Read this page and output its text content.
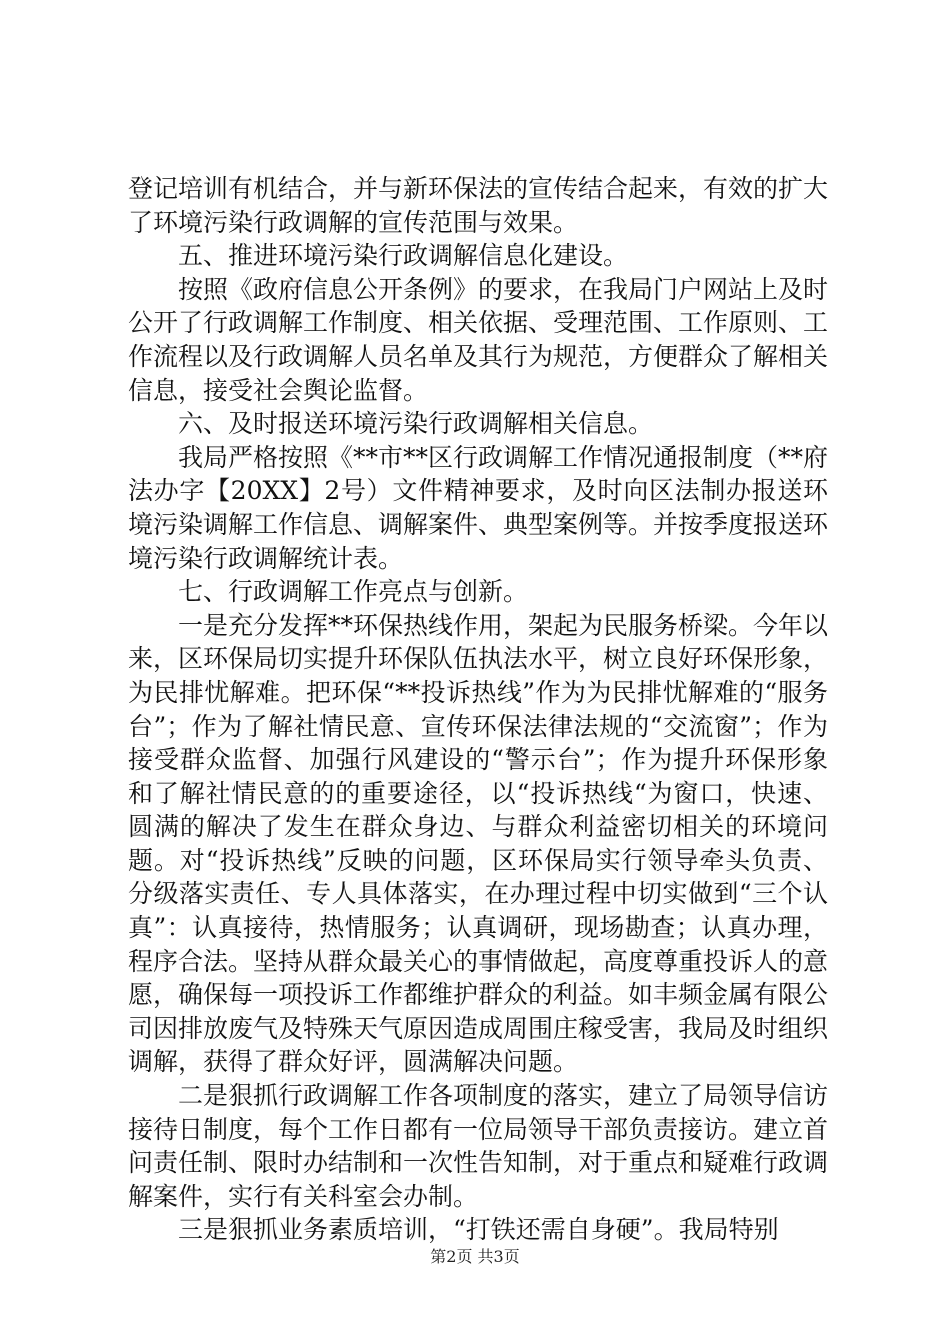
登记培训有机结合，并与新环保法的宣传结合起来，有效的扩大了环境污染行政调解的宣传范围与效果。

五、推进环境污染行政调解信息化建设。

按照《政府信息公开条例》的要求，在我局门户网站上及时公开了行政调解工作制度、相关依据、受理范围、工作原则、工作流程以及行政调解人员名单及其行为规范，方便群众了解相关信息，接受社会舆论监督。

六、及时报送环境污染行政调解相关信息。

我局严格按照《**市**区行政调解工作情况通报制度（**府法办字【20XX】2号）文件精神要求，及时向区法制办报送环境污染调解工作信息、调解案件、典型案例等。并按季度报送环境污染行政调解统计表。

七、行政调解工作亮点与创新。

一是充分发挥**环保热线作用，架起为民服务桥梁。今年以来，区环保局切实提升环保队伍执法水平，树立良好环保形象，为民排忧解难。把环保“**投诉热线”作为为民排忧解难的“服务台”；作为了解社情民意、宣传环保法律法规的“交流窗”；作为接受群众监督、加强行风建设的“警示台”；作为提升环保形象和了解社情民意的的重要途径，以“投诉热线“为窗口，快速、圆满的解决了发生在群众身边、与群众利益密切相关的环境问题。对“投诉热线”反映的问题，区环保局实行领导牵头负责、分级落实责任、专人具体落实，在办理过程中切实做到“三个认真”：认真接待，热情服务；认真调研，现场勘查；认真办理，程序合法。坚持从群众最关心的事情做起，高度尊重投诉人的意愿，确保每一项投诉工作都维护群众的利益。如丰频金属有限公司因排放废气及特殊天气原因造成周围庄稼受害，我局及时组织调解，获得了群众好评，圆满解决问题。

二是狠抓行政调解工作各项制度的落实，建立了局领导信访接待日制度，每个工作日都有一位局领导干部负责接访。建立首问责任制、限时办结制和一次性告知制，对于重点和疑难行政调解案件，实行有关科室会办制。

三是狠抓业务素质培训，“打铁还需自身硬”。我局特别

第2页 共3页
